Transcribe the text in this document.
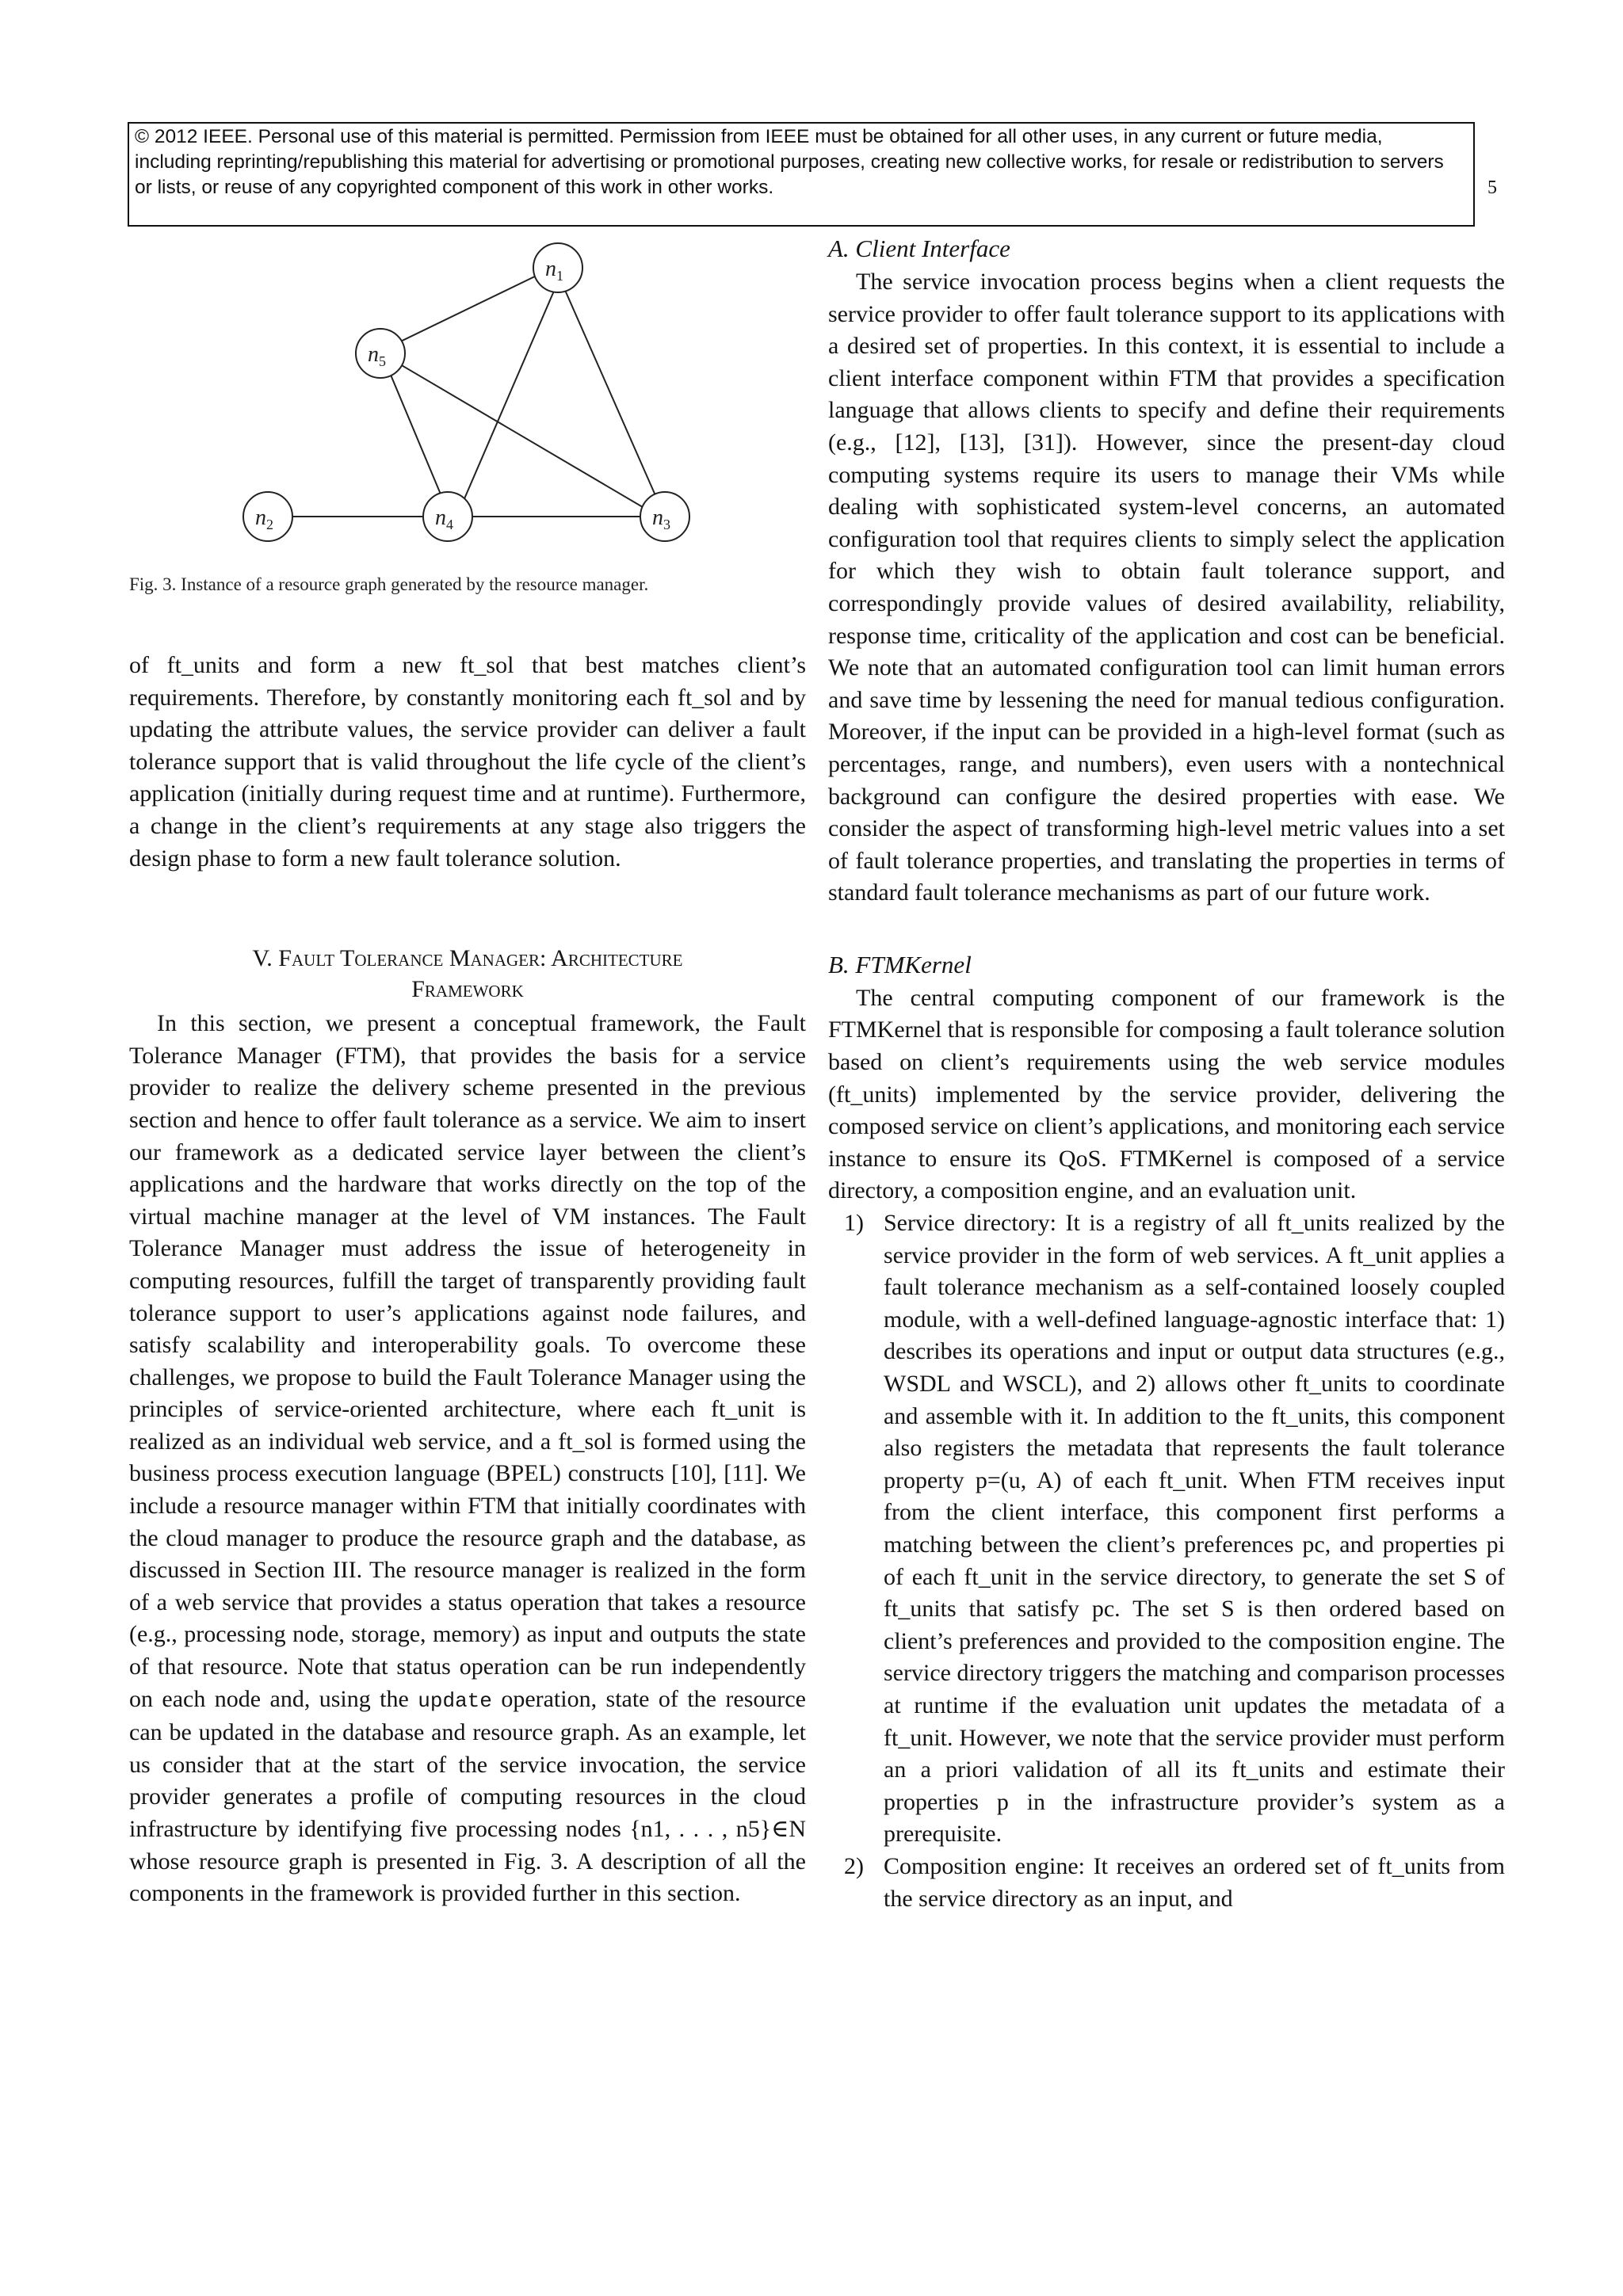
© 2012 IEEE. Personal use of this material is permitted. Permission from IEEE must be obtained for all other uses, in any current or future media, including reprinting/republishing this material for advertising or promotional purposes, creating new collective works, for resale or redistribution to servers or lists, or reuse of any copyrighted component of this work in other works.	5
$n_1$
$n_5$
$n_2$	$n_4$	$n_3$
Fig. 3. Instance of a resource graph generated by the resource manager.

of ft_units and form a new ft_sol that best matches client’s requirements. Therefore, by constantly monitoring each ft_sol and by updating the attribute values, the service provider can deliver a fault tolerance support that is valid throughout the life cycle of the client’s application (initially during request time and at runtime). Furthermore, a change in the client’s requirements at any stage also triggers the design phase to form a new fault tolerance solution.

V. Fault Tolerance Manager: Architecture
Framework

In this section, we present a conceptual framework, the Fault Tolerance Manager (FTM), that provides the basis for a service provider to realize the delivery scheme presented in the previous section and hence to offer fault tolerance as a service. We aim to insert our framework as a dedicated service layer between the client’s applications and the hardware that works directly on the top of the virtual machine manager at the level of VM instances. The Fault Tolerance Manager must address the issue of heterogeneity in computing resources, fulfill the target of transparently providing fault tolerance support to user’s applications against node failures, and satisfy scalability and interoperability goals. To overcome these challenges, we propose to build the Fault Tolerance Manager using the principles of service-oriented architecture, where each ft_unit is realized as an individual web service, and a ft_sol is formed using the business process execution language (BPEL) constructs [10], [11]. We include a resource manager within FTM that initially coordinates with the cloud manager to produce the resource graph and the database, as discussed in Section III. The resource manager is realized in the form of a web service that provides a status operation that takes a resource (e.g., processing node, storage, memory) as input and outputs the state of that resource. Note that status operation can be run independently on each node and, using the update operation, state of the resource can be updated in the database and resource graph. As an example, let us consider that at the start of the service invocation, the service provider generates a profile of computing resources in the cloud infrastructure by identifying five processing nodes {n1, . . . , n5}∈N whose resource graph is presented in Fig. 3. A description of all the components in the framework is provided further in this section.

A. Client Interface

The service invocation process begins when a client requests the service provider to offer fault tolerance support to its applications with a desired set of properties. In this context, it is essential to include a client interface component within FTM that provides a specification language that allows clients to specify and define their requirements (e.g., [12], [13], [31]). However, since the present-day cloud computing systems require its users to manage their VMs while dealing with sophisticated system-level concerns, an automated configuration tool that requires clients to simply select the application for which they wish to obtain fault tolerance support, and correspondingly provide values of desired availability, reliability, response time, criticality of the application and cost can be beneficial. We note that an automated configuration tool can limit human errors and save time by lessening the need for manual tedious configuration. Moreover, if the input can be provided in a high-level format (such as percentages, range, and numbers), even users with a nontechnical background can configure the desired properties with ease. We consider the aspect of transforming high-level metric values into a set of fault tolerance properties, and translating the properties in terms of standard fault tolerance mechanisms as part of our future work.

B. FTMKernel

The central computing component of our framework is the FTMKernel that is responsible for composing a fault tolerance solution based on client’s requirements using the web service modules (ft_units) implemented by the service provider, delivering the composed service on client’s applications, and monitoring each service instance to ensure its QoS. FTMKernel is composed of a service directory, a composition engine, and an evaluation unit.

1) Service directory: It is a registry of all ft_units realized by the service provider in the form of web services. A ft_unit applies a fault tolerance mechanism as a self-contained loosely coupled module, with a well-defined language-agnostic interface that: 1) describes its operations and input or output data structures (e.g., WSDL and WSCL), and 2) allows other ft_units to coordinate and assemble with it. In addition to the ft_units, this component also registers the metadata that represents the fault tolerance property p=(u, A) of each ft_unit. When FTM receives input from the client interface, this component first performs a matching between the client’s preferences pc, and properties pi of each ft_unit in the service directory, to generate the set S of ft_units that satisfy pc. The set S is then ordered based on client’s preferences and provided to the composition engine. The service directory triggers the matching and comparison processes at runtime if the evaluation unit updates the metadata of a ft_unit. However, we note that the service provider must perform an a priori validation of all its ft_units and estimate their properties p in the infrastructure provider’s system as a prerequisite.
2) Composition engine: It receives an ordered set of ft_units from the service directory as an input, and
